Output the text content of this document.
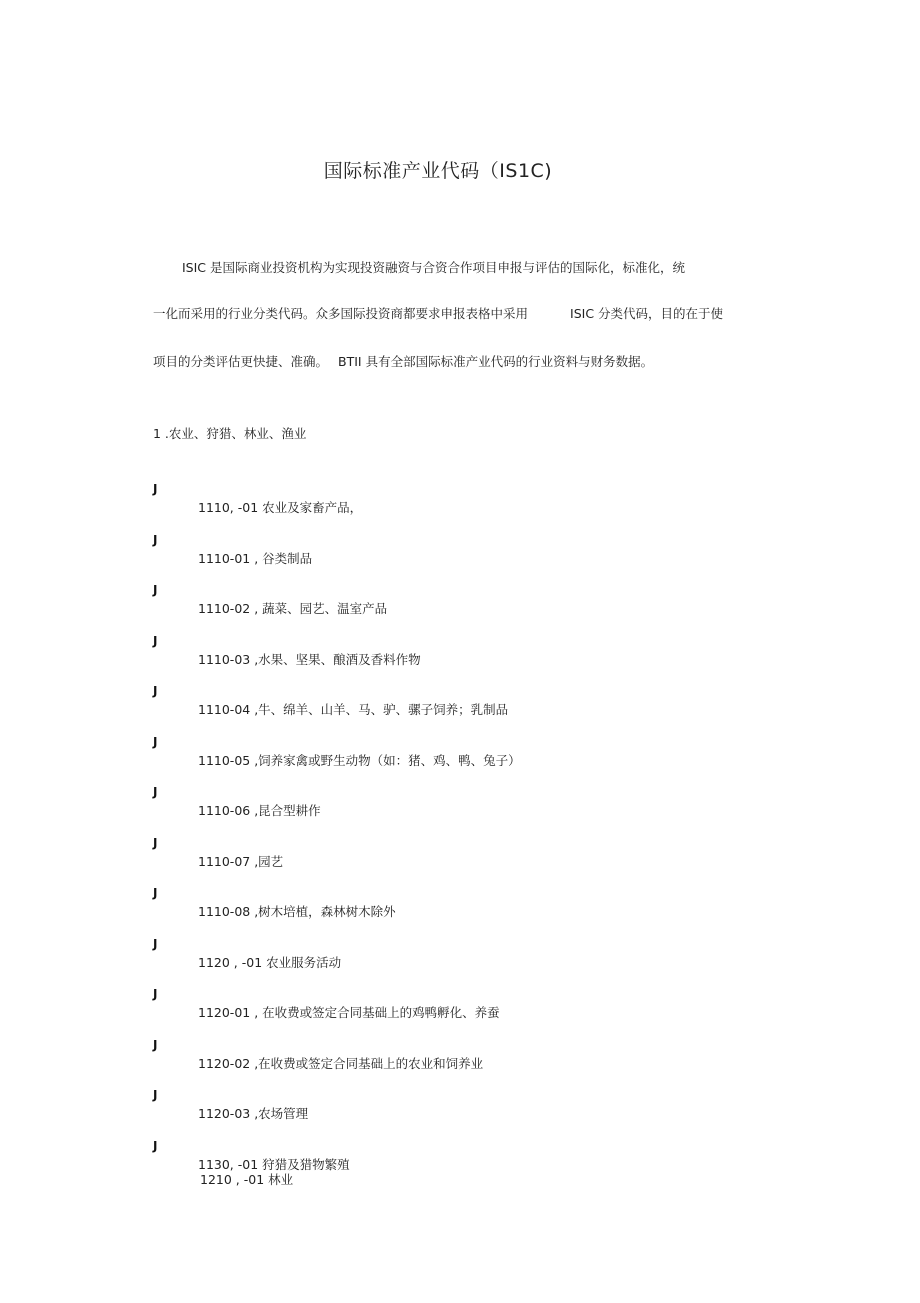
国际标准产业代码（IS1C)
ISIC 是国际商业投资机构为实现投资融资与合资合作项目申报与评估的国际化，标准化，统
一化而采用的行业分类代码。众多国际投资商都要求申报表格中采用	ISIC 分类代码，目的在于使
项目的分类评估更快捷、准确。 BTII 具有全部国际标准产业代码的行业资料与财务数据。
1 .农业、狩猎、林业、渔业
J
1110, -01 农业及家畜产品，
J
1110-01 , 谷类制品
J
1110-02 , 蔬菜、园艺、温室产品
J
1110-03 ,水果、坚果、酿酒及香料作物
J
1110-04 ,牛、绵羊、山羊、马、驴、骡子饲养；乳制品
J
1110-05 ,饲养家禽或野生动物（如：猪、鸡、鸭、兔子）
J
1110-06 ,昆合型耕作
J
1110-07 ,园艺
J
1110-08 ,树木培植，森林树木除外
J
1120 , -01 农业服务活动
J
1120-01 , 在收费或签定合同基础上的鸡鸭孵化、养蚕
J
1120-02 ,在收费或签定合同基础上的农业和饲养业
J
1120-03 ,农场管理
J
1130, -01 狩猎及猎物繁殖
1210 , -01 林业
